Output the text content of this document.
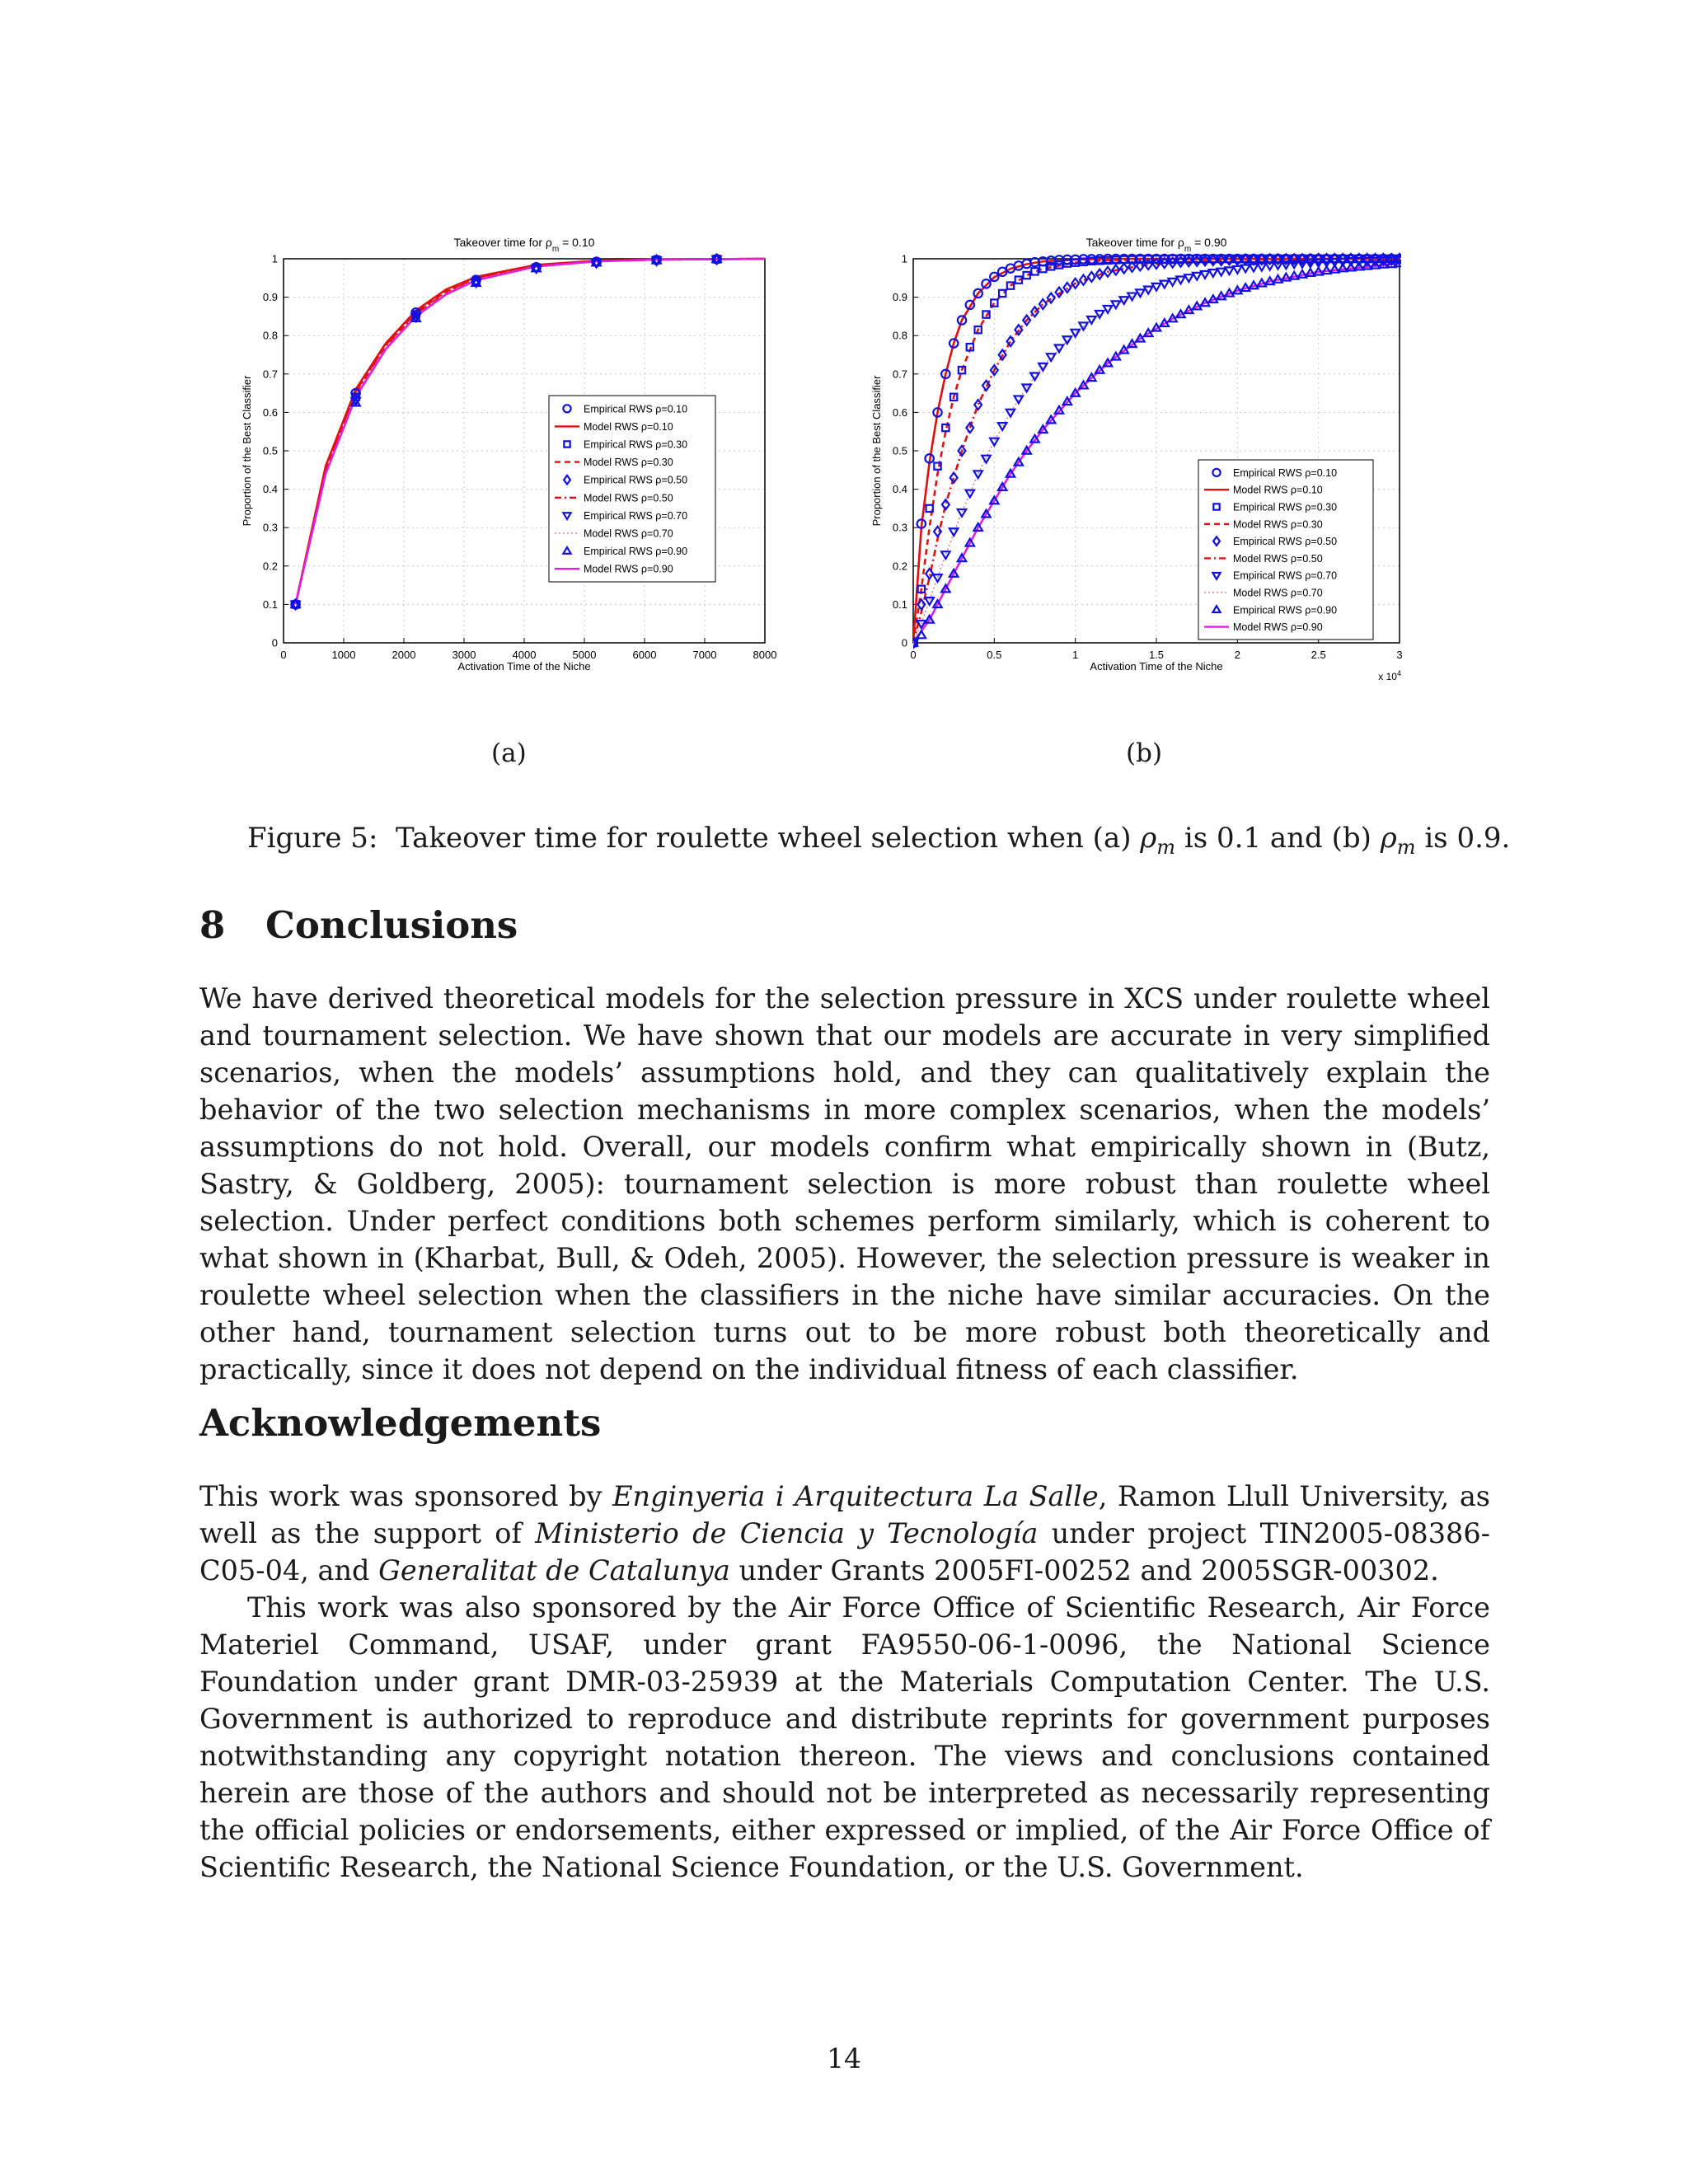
0	1000	2000	3000	4000	5000	6000	7000	8000
0
0.1
0.2
0.3
0.4
0.5
0.6
0.7
0.8
0.9
1
Takeover time for $\rho_m = 0.10$
Activation Time of the Niche
Proportion of the Best Classifier	Empirical RWS ρ=0.10
Model RWS ρ=0.10
Empirical RWS ρ=0.30
Model RWS ρ=0.30
Empirical RWS ρ=0.50
Model RWS ρ=0.50
Empirical RWS ρ=0.70
Model RWS ρ=0.70
Empirical RWS ρ=0.90
Model RWS ρ=0.90
0	0.5	1	1.5	2	2.5	3
0
0.1
0.2
0.3
0.4
0.5
0.6
0.7
0.8
0.9
1
Takeover time for $\rho_m = 0.90$
Activation Time of the Niche
Proportion of the Best Classifier
x $10^4$
Empirical RWS ρ=0.10
Model RWS ρ=0.10
Empirical RWS ρ=0.30
Model RWS ρ=0.30
Empirical RWS ρ=0.50
Model RWS ρ=0.50
Empirical RWS ρ=0.70
Model RWS ρ=0.70
Empirical RWS ρ=0.90
Model RWS ρ=0.90
(a)	(b)
Figure 5: Takeover time for roulette wheel selection when (a) $\rho_m$ is 0.1 and (b) $\rho_m$ is 0.9.
8 Conclusions

We have derived theoretical models for the selection pressure in XCS under roulette wheel and tournament selection. We have shown that our models are accurate in very simplified scenarios, when the models’ assumptions hold, and they can qualitatively explain the behavior of the two selection mechanisms in more complex scenarios, when the models’ assumptions do not hold. Overall, our models confirm what empirically shown in (Butz, Sastry, & Goldberg, 2005): tournament selection is more robust than roulette wheel selection. Under perfect conditions both schemes perform similarly, which is coherent to what shown in (Kharbat, Bull, & Odeh, 2005). However, the selection pressure is weaker in roulette wheel selection when the classifiers in the niche have similar accuracies. On the other hand, tournament selection turns out to be more robust both theoretically and practically, since it does not depend on the individual fitness of each classifier.

Acknowledgements

This work was sponsored by Enginyeria i Arquitectura La Salle, Ramon Llull University, as well as the support of Ministerio de Ciencia y Tecnología under project TIN2005-08386-C05-04, and Generalitat de Catalunya under Grants 2005FI-00252 and 2005SGR-00302.

This work was also sponsored by the Air Force Office of Scientific Research, Air Force Materiel Command, USAF, under grant FA9550-06-1-0096, the National Science Foundation under grant DMR-03-25939 at the Materials Computation Center. The U.S. Government is authorized to reproduce and distribute reprints for government purposes notwithstanding any copyright notation thereon. The views and conclusions contained herein are those of the authors and should not be interpreted as necessarily representing the official policies or endorsements, either expressed or implied, of the Air Force Office of Scientific Research, the National Science Foundation, or the U.S. Government.

14
